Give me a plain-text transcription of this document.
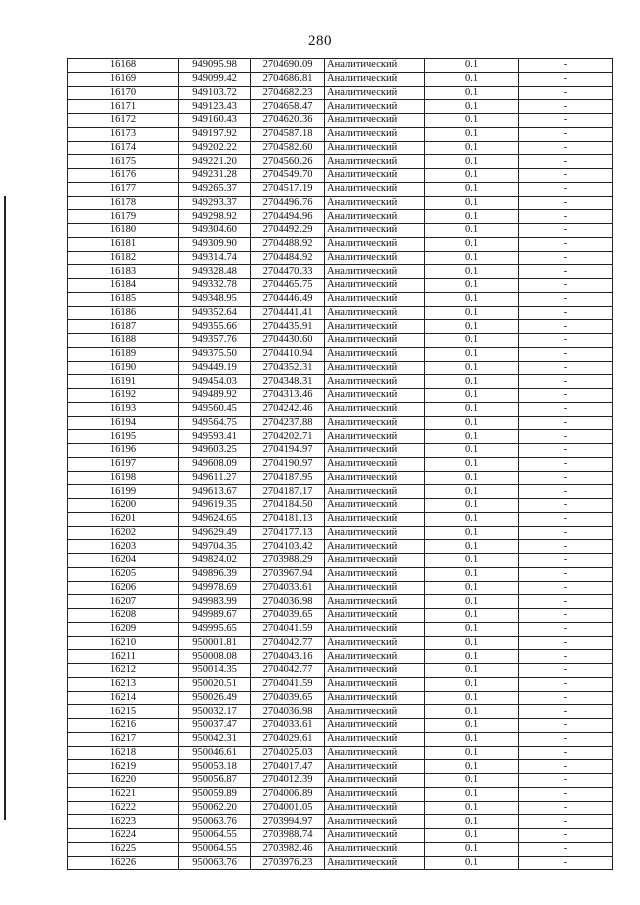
280
16168	949095.98	2704690.09	Аналитический	0.1	-
16169	949099.42	2704686.81	Аналитический	0.1	-
16170	949103.72	2704682.23	Аналитический	0.1	-
16171	949123.43	2704658.47	Аналитический	0.1	-
16172	949160.43	2704620.36	Аналитический	0.1	-
16173	949197.92	2704587.18	Аналитический	0.1	-
16174	949202.22	2704582.60	Аналитический	0.1	-
16175	949221.20	2704560.26	Аналитический	0.1	-
16176	949231.28	2704549.70	Аналитический	0.1	-
16177	949265.37	2704517.19	Аналитический	0.1	-
16178	949293.37	2704496.76	Аналитический	0.1	-
16179	949298.92	2704494.96	Аналитический	0.1	-
16180	949304.60	2704492.29	Аналитический	0.1	-
16181	949309.90	2704488.92	Аналитический	0.1	-
16182	949314.74	2704484.92	Аналитический	0.1	-
16183	949328.48	2704470.33	Аналитический	0.1	-
16184	949332.78	2704465.75	Аналитический	0.1	-
16185	949348.95	2704446.49	Аналитический	0.1	-
16186	949352.64	2704441.41	Аналитический	0.1	-
16187	949355.66	2704435.91	Аналитический	0.1	-
16188	949357.76	2704430.60	Аналитический	0.1	-
16189	949375.50	2704410.94	Аналитический	0.1	-
16190	949449.19	2704352.31	Аналитический	0.1	-
16191	949454.03	2704348.31	Аналитический	0.1	-
16192	949489.92	2704313.46	Аналитический	0.1	-
16193	949560.45	2704242.46	Аналитический	0.1	-
16194	949564.75	2704237.88	Аналитический	0.1	-
16195	949593.41	2704202.71	Аналитический	0.1	-
16196	949603.25	2704194.97	Аналитический	0.1	-
16197	949608.09	2704190.97	Аналитический	0.1	-
16198	949611.27	2704187.95	Аналитический	0.1	-
16199	949613.67	2704187.17	Аналитический	0.1	-
16200	949619.35	2704184.50	Аналитический	0.1	-
16201	949624.65	2704181.13	Аналитический	0.1	-
16202	949629.49	2704177.13	Аналитический	0.1	-
16203	949704.35	2704103.42	Аналитический	0.1	-
16204	949824.02	2703988.29	Аналитический	0.1	-
16205	949896.39	2703967.94	Аналитический	0.1	-
16206	949978.69	2704033.61	Аналитический	0.1	-
16207	949983.99	2704036.98	Аналитический	0.1	-
16208	949989.67	2704039.65	Аналитический	0.1	-
16209	949995.65	2704041.59	Аналитический	0.1	-
16210	950001.81	2704042.77	Аналитический	0.1	-
16211	950008.08	2704043.16	Аналитический	0.1	-
16212	950014.35	2704042.77	Аналитический	0.1	-
16213	950020.51	2704041.59	Аналитический	0.1	-
16214	950026.49	2704039.65	Аналитический	0.1	-
16215	950032.17	2704036.98	Аналитический	0.1	-
16216	950037.47	2704033.61	Аналитический	0.1	-
16217	950042.31	2704029.61	Аналитический	0.1	-
16218	950046.61	2704025.03	Аналитический	0.1	-
16219	950053.18	2704017.47	Аналитический	0.1	-
16220	950056.87	2704012.39	Аналитический	0.1	-
16221	950059.89	2704006.89	Аналитический	0.1	-
16222	950062.20	2704001.05	Аналитический	0.1	-
16223	950063.76	2703994.97	Аналитический	0.1	-
16224	950064.55	2703988.74	Аналитический	0.1	-
16225	950064.55	2703982.46	Аналитический	0.1	-
16226	950063.76	2703976.23	Аналитический	0.1	-
